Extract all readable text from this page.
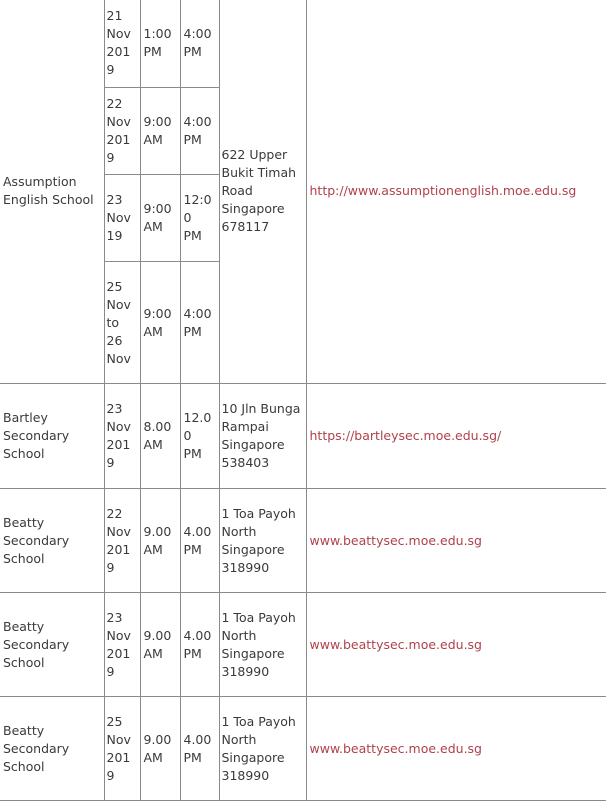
Assumption
English School	21
Nov
2019	1:00
PM	4:00
PM	622 Upper
Bukit Timah
Road
Singapore
678117	http://www.assumptionenglish.moe.edu.sg
	22
Nov
2019	9:00
AM	4:00
PM		
	23
Nov
19	9:00
AM	12:00
PM		
	25
Nov
to
26
Nov	9:00
AM	4:00
PM		
Bartley
Secondary
School	23
Nov
2019	8.00
AM	12.00
PM	10 Jln Bunga
Rampai
Singapore
538403	https://bartleysec.moe.edu.sg/
Beatty
Secondary
School	22
Nov
2019	9.00
AM	4.00
PM	1 Toa Payoh
North
Singapore
318990	www.beattysec.moe.edu.sg
Beatty
Secondary
School	23
Nov
2019	9.00
AM	4.00
PM	1 Toa Payoh
North
Singapore
318990	www.beattysec.moe.edu.sg
Beatty
Secondary
School	25
Nov
2019	9.00
AM	4.00
PM	1 Toa Payoh
North
Singapore
318990	www.beattysec.moe.edu.sg
